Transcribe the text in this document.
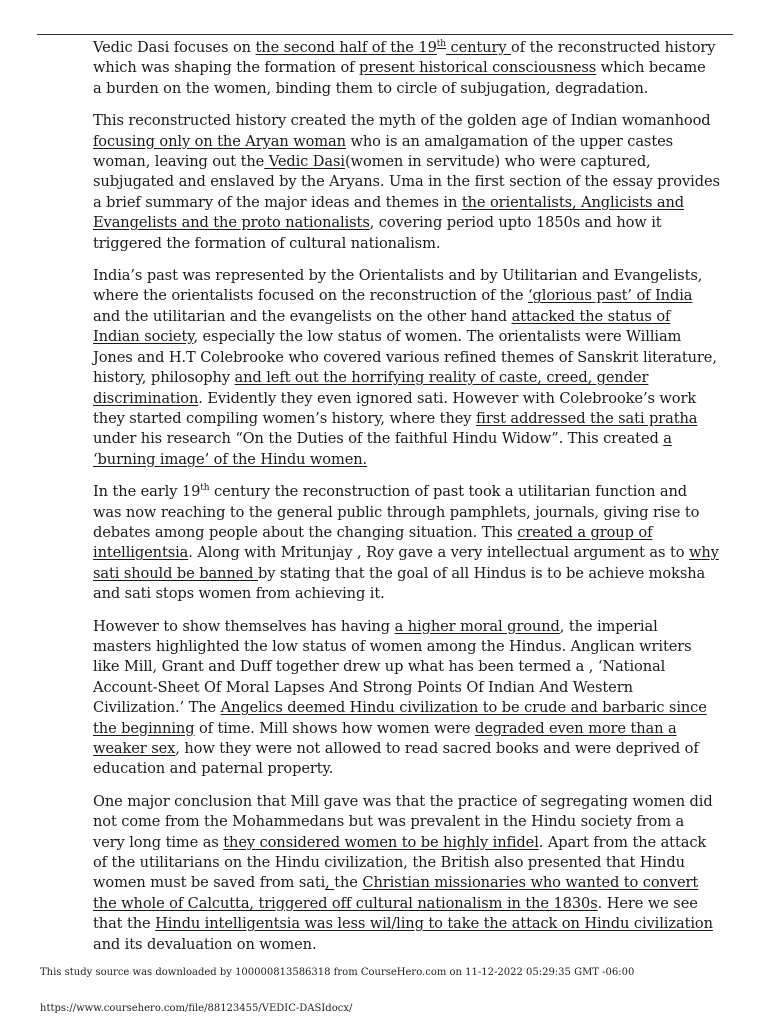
Vedic Dasi focuses on the second half of the 19th century of the reconstructed history
which was shaping the formation of present historical consciousness which became
a burden on the women, binding them to circle of subjugation, degradation.

This reconstructed history created the myth of the golden age of Indian womanhood
focusing only on the Aryan woman who is an amalgamation of the upper castes
woman, leaving out the Vedic Dasi(women in servitude) who were captured,
subjugated and enslaved by the Aryans. Uma in the first section of the essay provides
a brief summary of the major ideas and themes in the orientalists, Anglicists and
Evangelists and the proto nationalists, covering period upto 1850s and how it
triggered the formation of cultural nationalism.

India’s past was represented by the Orientalists and by Utilitarian and Evangelists,
where the orientalists focused on the reconstruction of the ‘glorious past’ of India
and the utilitarian and the evangelists on the other hand attacked the status of
Indian society, especially the low status of women. The orientalists were William
Jones and H.T Colebrooke who covered various refined themes of Sanskrit literature,
history, philosophy and left out the horrifying reality of caste, creed, gender
discrimination. Evidently they even ignored sati. However with Colebrooke’s work
they started compiling women’s history, where they first addressed the sati pratha
under his research “On the Duties of the faithful Hindu Widow”. This created a
‘burning image’ of the Hindu women.

In the early 19th century the reconstruction of past took a utilitarian function and
was now reaching to the general public through pamphlets, journals, giving rise to
debates among people about the changing situation. This created a group of
intelligentsia. Along with Mritunjay , Roy gave a very intellectual argument as to why
sati should be banned by stating that the goal of all Hindus is to be achieve moksha
and sati stops women from achieving it.

However to show themselves has having a higher moral ground, the imperial
masters highlighted the low status of women among the Hindus. Anglican writers
like Mill, Grant and Duff together drew up what has been termed a , ‘National
Account-Sheet Of Moral Lapses And Strong Points Of Indian And Western
Civilization.’ The Angelics deemed Hindu civilization to be crude and barbaric since
the beginning of time. Mill shows how women were degraded even more than a
weaker sex, how they were not allowed to read sacred books and were deprived of
education and paternal property.

One major conclusion that Mill gave was that the practice of segregating women did
not come from the Mohammedans but was prevalent in the Hindu society from a
very long time as they considered women to be highly infidel. Apart from the attack
of the utilitarians on the Hindu civilization, the British also presented that Hindu
women must be saved from sati, the Christian missionaries who wanted to convert
the whole of Calcutta, triggered off cultural nationalism in the 1830s. Here we see
that the Hindu intelligentsia was less wil/ling to take the attack on Hindu civilization
and its devaluation on women.

This study source was downloaded by 100000813586318 from CourseHero.com on 11-12-2022 05:29:35 GMT -06:00
https://www.coursehero.com/file/88123455/VEDIC-DASIdocx/
